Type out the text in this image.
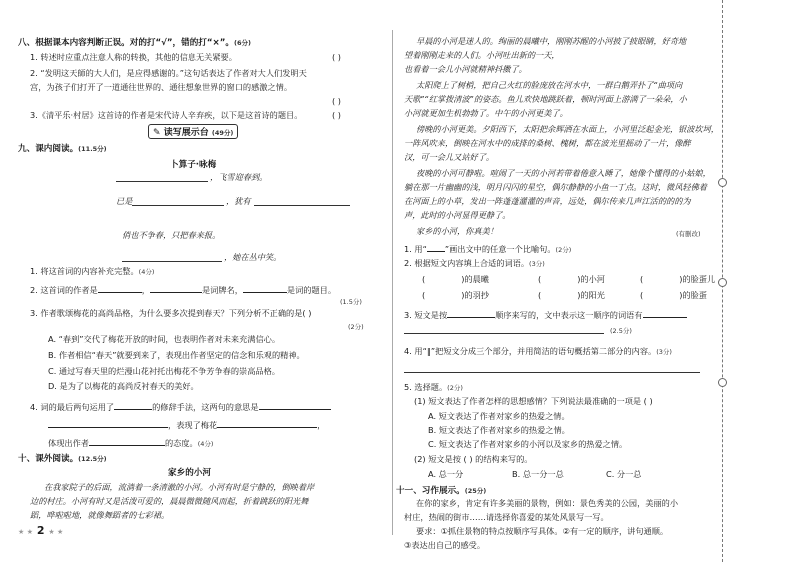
八、根据课本内容判断正误。对的打“√”，错的打“×”。(6分)
1. 转述时应重点注意人称的转换，其他的信息无关紧要。	( )
2. “发明这天師的大人们，是应得感谢的。”这句话表达了作者对大人们发明天
宫，为孩子们打开了一道通往世界的、通往想象世界的窗口的感激之情。
( )
3.《清平乐·村居》这首诗的作者是宋代诗人辛弃疾，以下是这首诗的题目。	( )
✎ 读写展示台 (49分)
九、课内阅读。(11.5分)
卜算子·咏梅
，飞雪迎春到。
已是	，犹有
俏也不争春，只把春来报。
，她在丛中笑。
1. 将这首词的内容补充完整。(4分)
2. 这首词的作者是	，	是词牌名，	是词的题目。
(1.5分)
3. 作者歌颂梅花的高尚品格，为什么要多次提到春天？下列分析不正确的是( )
(2分)
A. “春到”交代了梅花开放的时间，也表明作者对未来充满信心。
B. 作者相信“春天”就要到来了，表现出作者坚定的信念和乐观的精神。
C. 通过写春天里的烂漫山花衬托出梅花不争芳争春的崇高品格。
D. 是为了以梅花的高尚反衬春天的美好。
4. 词的最后两句运用了	的修辞手法，这两句的意思是
，表现了梅花	，
体现出作者	的态度。(4分)
十、课外阅读。(12.5分)
家乡的小河
在我家院子的后面，流淌着一条清澈的小河。小河有时是宁静的，倒映着岸
边的村庄。小河有时又是活泼可爱的，晨晨微微随风而起，折着跳跃的阳光舞
蹈，哗啦啦地，就像舞蹈者的七彩裙。
★ ★ 2 ★ ★
早晨的小河是迷人的。绚丽的晨曦中，刚刚苏醒的小河披了披眼睛，好奇地
望着刚刚走来的人们。小河吐出新的一天，
也看着一会儿小河就精神抖擞了。
太阳爬上了树梢，把自己火红的脸庞放在河水中，一群白鹅弄扑了“曲项向
天歌”“红掌拨清波”的姿态。鱼儿欢快地跳跃着，顿时河面上游满了一朵朵，小
小河就更加生机勃勃了。中午的小河更美了。
傍晚的小河更美。夕阳西下，太阳把余辉洒在水面上，小河里泛起金光，银波坎坷，
一阵风吹来，倒映在河水中的成排的桑树、槐树，都在波光里摇动了一片，像醉
汉，可一会儿又站好了。
夜晚的小河可静啦。喧闹了一天的小河若带着倦意入睡了，她像个懂得的小姑娘，
躺在那一片幽幽的浅，明月闪闪的星空，偶尔静静的小鱼一丁点。这时，微风轻佛着
在河面上的小草，发出一阵蓬蓬灌灌的声音，远处，偶尔传来几声江活的的的为
声，此时的小河显得更静了。
家乡的小河，你真美！	(有删改)
1. 用“ ”画出文中的任意一个比喻句。(2分)
2. 根据短文内容填上合适的词语。(3分)
(	)的晨曦	(	)的小河	(	)的脸蛋儿
(	)的羽抄	(	)的阳光	(	)的脸蛋
3. 短文是按	顺序来写的，文中表示这一顺序的词语有
(2.5分)
4. 用“‖”把短文分成三个部分，并用简洁的语句概括第二部分的内容。(3分)
5. 选择题。(2分)
(1) 短文表达了作者怎样的思想感情？下列说法最准确的一项是 ( )
A. 短文表达了作者对家乡的热爱之情。
B. 短文表达了作者对家乡的热爱之情。
C. 短文表达了作者对家乡的小河以及家乡的热爱之情。
(2) 短文是按 ( ) 的结构来写的。
A. 总一分	B. 总一分一总	C. 分一总
十一、习作展示。(25分)
在你的家乡，肯定有许多美丽的景物，例如：景色秀美的公园，美丽的小
村庄，热闹的街市……请选择你喜爱的某处风景写一写。
要求：①抓住景物的特点按顺序写具体。②有一定的顺序，讲句通顺。
③表达出自己的感受。
